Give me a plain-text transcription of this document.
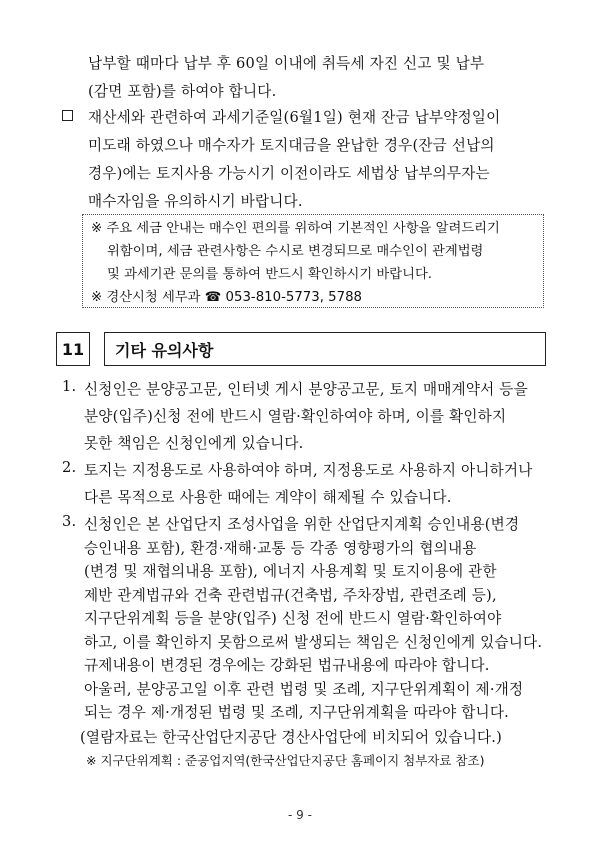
납부할 때마다 납부 후 60일 이내에 취득세 자진 신고 및 납부
(감면 포함)를 하여야 합니다.
재산세와 관련하여 과세기준일(6월1일) 현재 잔금 납부약정일이
미도래 하였으나 매수자가 토지대금을 완납한 경우(잔금 선납의
경우)에는 토지사용 가능시기 이전이라도 세법상 납부의무자는
매수자임을 유의하시기 바랍니다.
※ 주요 세금 안내는 매수인 편의를 위하여 기본적인 사항을 알려드리기
위함이며, 세금 관련사항은 수시로 변경되므로 매수인이 관계법령
및 과세기관 문의를 통하여 반드시 확인하시기 바랍니다.
※ 경산시청 세무과 ☎ 053-810-5773, 5788
11	기타 유의사항
1. 신청인은 분양공고문, 인터넷 게시 분양공고문, 토지 매매계약서 등을
분양(입주)신청 전에 반드시 열람·확인하여야 하며, 이를 확인하지
못한 책임은 신청인에게 있습니다.
2. 토지는 지정용도로 사용하여야 하며, 지정용도로 사용하지 아니하거나
다른 목적으로 사용한 때에는 계약이 해제될 수 있습니다.
3. 신청인은 본 산업단지 조성사업을 위한 산업단지계획 승인내용(변경
승인내용 포함), 환경·재해·교통 등 각종 영향평가의 협의내용
(변경 및 재협의내용 포함), 에너지 사용계획 및 토지이용에 관한
제반 관계법규와 건축 관련법규(건축법, 주차장법, 관련조례 등),
지구단위계획 등을 분양(입주) 신청 전에 반드시 열람·확인하여야
하고, 이를 확인하지 못함으로써 발생되는 책임은 신청인에게 있습니다.
규제내용이 변경된 경우에는 강화된 법규내용에 따라야 합니다.
아울러, 분양공고일 이후 관련 법령 및 조례, 지구단위계획이 제·개정
되는 경우 제·개정된 법령 및 조례, 지구단위계획을 따라야 합니다.
※ 지구단위계획 : 준공업지역(한국산업단지공단 홈페이지 첨부자료 참조)
- 9 -
(열람자료는 한국산업단지공단 경산사업단에 비치되어 있습니다.)
